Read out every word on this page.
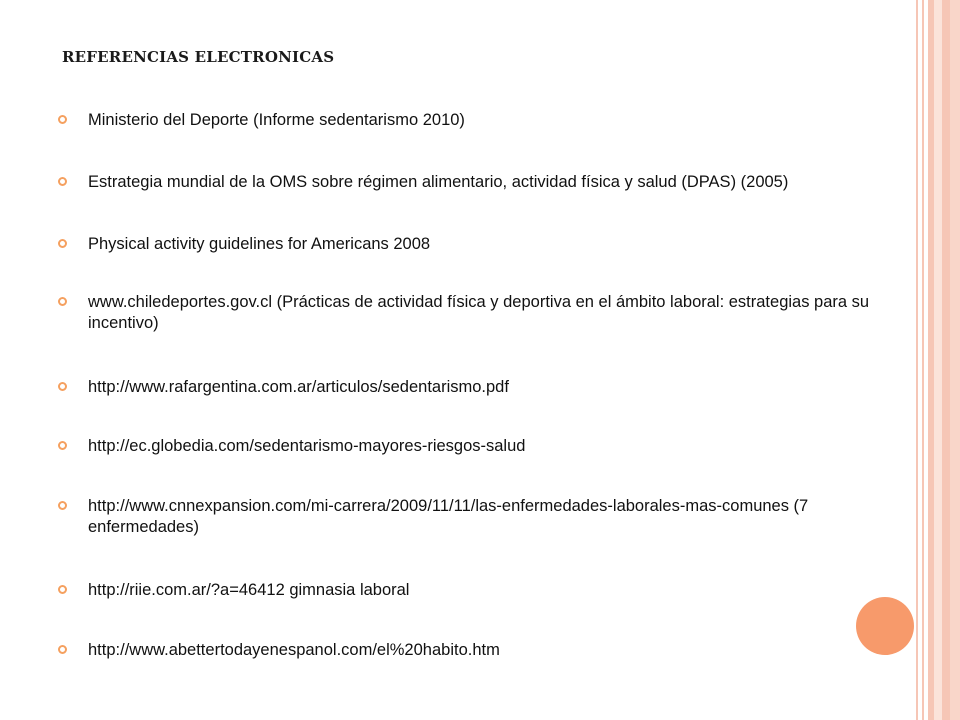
REFERENCIAS ELECTRONICAS
Ministerio del Deporte (Informe sedentarismo 2010)
Estrategia mundial de la OMS sobre régimen alimentario, actividad física y salud (DPAS) (2005)
Physical activity guidelines for Americans 2008
www.chiledeportes.gov.cl (Prácticas de actividad física y deportiva en el ámbito laboral: estrategias para su incentivo)
http://www.rafargentina.com.ar/articulos/sedentarismo.pdf
http://ec.globedia.com/sedentarismo-mayores-riesgos-salud
http://www.cnnexpansion.com/mi-carrera/2009/11/11/las-enfermedades-laborales-mas-comunes (7 enfermedades)
http://riie.com.ar/?a=46412 gimnasia laboral
http://www.abettertodayenespanol.com/el%20habito.htm
